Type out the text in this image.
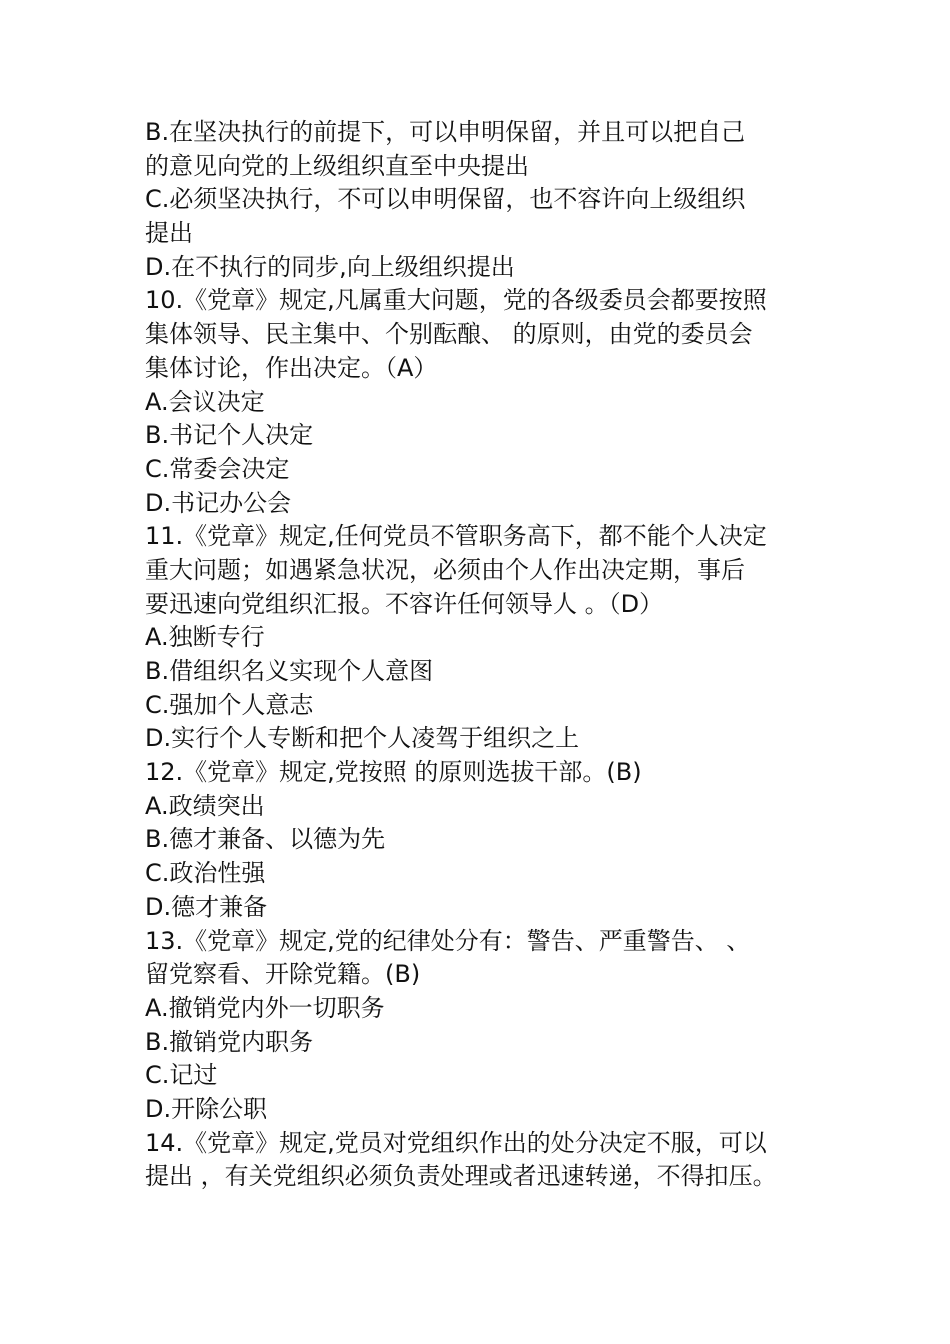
B.在坚决执行的前提下，可以申明保留，并且可以把自己
的意见向党的上级组织直至中央提出
C.必须坚决执行，不可以申明保留，也不容许向上级组织
提出
D.在不执行的同步,向上级组织提出
10.《党章》规定,凡属重大问题，党的各级委员会都要按照
集体领导、民主集中、个别酝酿、 的原则，由党的委员会
集体讨论，作出决定。（A）
A.会议决定
B.书记个人决定
C.常委会决定
D.书记办公会
11.《党章》规定,任何党员不管职务高下，都不能个人决定
重大问题；如遇紧急状况，必须由个人作出决定期，事后
要迅速向党组织汇报。不容许任何领导人 。（D）
A.独断专行
B.借组织名义实现个人意图
C.强加个人意志
D.实行个人专断和把个人凌驾于组织之上
12.《党章》规定,党按照 的原则选拔干部。(B)
A.政绩突出
B.德才兼备、以德为先
C.政治性强
D.德才兼备
13.《党章》规定,党的纪律处分有：警告、严重警告、 、
留党察看、开除党籍。(B)
A.撤销党内外一切职务
B.撤销党内职务
C.记过
D.开除公职
14.《党章》规定,党员对党组织作出的处分决定不服，可以
提出 ，有关党组织必须负责处理或者迅速转递，不得扣压。
